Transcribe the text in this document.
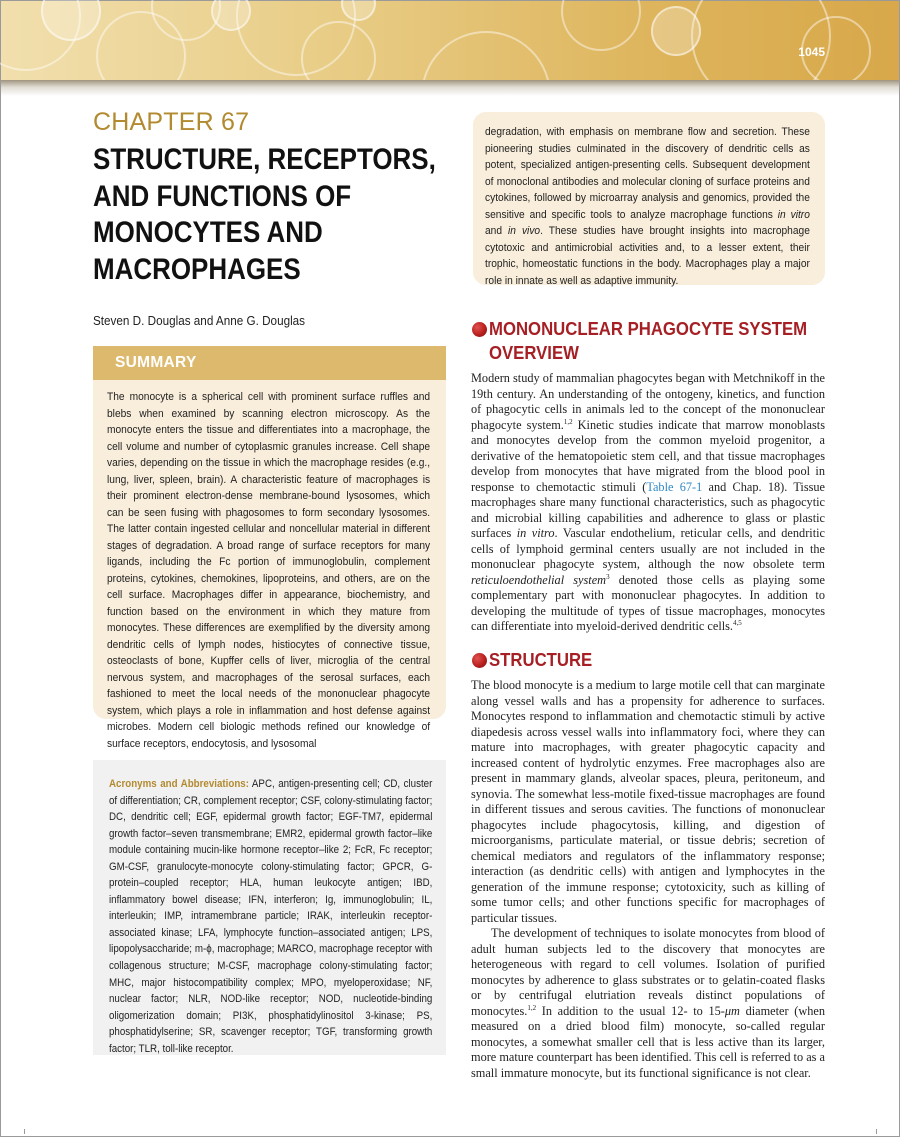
1045
CHAPTER 67
STRUCTURE, RECEPTORS,
AND FUNCTIONS OF
MONOCYTES AND
MACROPHAGES
Steven D. Douglas and Anne G. Douglas
SUMMARY
The monocyte is a spherical cell with prominent surface ruffles and blebs when examined by scanning electron microscopy. As the monocyte enters the tissue and differentiates into a macrophage, the cell volume and number of cytoplasmic granules increase. Cell shape varies, depending on the tissue in which the macrophage resides (e.g., lung, liver, spleen, brain). A characteristic feature of macrophages is their prominent electron-dense membrane-bound lysosomes, which can be seen fusing with phagosomes to form secondary lysosomes. The latter contain ingested cellular and noncellular material in different stages of degradation. A broad range of surface receptors for many ligands, including the Fc portion of immunoglobulin, complement proteins, cytokines, chemokines, lipoproteins, and others, are on the cell surface. Macrophages differ in appearance, biochemistry, and function based on the environment in which they mature from monocytes. These differences are exemplified by the diversity among dendritic cells of lymph nodes, histiocytes of connective tissue, osteoclasts of bone, Kupffer cells of liver, microglia of the central nervous system, and macrophages of the serosal surfaces, each fashioned to meet the local needs of the mononuclear phagocyte system, which plays a role in inflammation and host defense against microbes. Modern cell biologic methods refined our knowledge of surface receptors, endocytosis, and lysosomal
Acronyms and Abbreviations: APC, antigen-presenting cell; CD, cluster of differentiation; CR, complement receptor; CSF, colony-stimulating factor; DC, dendritic cell; EGF, epidermal growth factor; EGF-TM7, epidermal growth factor–seven transmembrane; EMR2, epidermal growth factor–like module containing mucin-like hormone receptor–like 2; FcR, Fc receptor; GM-CSF, granulocyte-monocyte colony-stimulating factor; GPCR, G-protein–coupled receptor; HLA, human leukocyte antigen; IBD, inflammatory bowel disease; IFN, interferon; Ig, immunoglobulin; IL, interleukin; IMP, intramembrane particle; IRAK, interleukin receptor-associated kinase; LFA, lymphocyte function–associated antigen; LPS, lipopolysaccharide; m-ϕ, macrophage; MARCO, macrophage receptor with collagenous structure; M-CSF, macrophage colony-stimulating factor; MHC, major histocompatibility complex; MPO, myeloperoxidase; NF, nuclear factor; NLR, NOD-like receptor; NOD, nucleotide-binding oligomerization domain; PI3K, phosphatidylinositol 3-kinase; PS, phosphatidylserine; SR, scavenger receptor; TGF, transforming growth factor; TLR, toll-like receptor.
degradation, with emphasis on membrane flow and secretion. These pioneering studies culminated in the discovery of dendritic cells as potent, specialized antigen-presenting cells. Subsequent development of monoclonal antibodies and molecular cloning of surface proteins and cytokines, followed by microarray analysis and genomics, provided the sensitive and specific tools to analyze macrophage functions in vitro and in vivo. These studies have brought insights into macrophage cytotoxic and antimicrobial activities and, to a lesser extent, their trophic, homeostatic functions in the body. Macrophages play a major role in innate as well as adaptive immunity.
MONONUCLEAR PHAGOCYTE SYSTEM
OVERVIEW

Modern study of mammalian phagocytes began with Metchnikoff in the 19th century. An understanding of the ontogeny, kinetics, and function of phagocytic cells in animals led to the concept of the mononuclear phagocyte system.$^{1,2}$ Kinetic studies indicate that marrow monoblasts and monocytes develop from the common myeloid progenitor, a derivative of the hematopoietic stem cell, and that tissue macrophages develop from monocytes that have migrated from the blood pool in response to chemotactic stimuli (Table 67-1 and Chap. 18). Tissue macrophages share many functional characteristics, such as phagocytic and microbial killing capabilities and adherence to glass or plastic surfaces in vitro. Vascular endothelium, reticular cells, and dendritic cells of lymphoid germinal centers usually are not included in the mononuclear phagocyte system, although the now obsolete term reticuloendothelial system$^3$ denoted those cells as playing some complementary part with mononuclear phagocytes. In addition to developing the multitude of types of tissue macrophages, monocytes can differentiate into myeloid-derived dendritic cells.$^{4,5}$

STRUCTURE

The blood monocyte is a medium to large motile cell that can marginate along vessel walls and has a propensity for adherence to surfaces. Monocytes respond to inflammation and chemotactic stimuli by active diapedesis across vessel walls into inflammatory foci, where they can mature into macrophages, with greater phagocytic capacity and increased content of hydrolytic enzymes. Free macrophages also are present in mammary glands, alveolar spaces, pleura, peritoneum, and synovia. The somewhat less-motile fixed-tissue macrophages are found in different tissues and serous cavities. The functions of mononuclear phagocytes include phagocytosis, killing, and digestion of microorganisms, particulate material, or tissue debris; secretion of chemical mediators and regulators of the inflammatory response; interaction (as dendritic cells) with antigen and lymphocytes in the generation of the immune response; cytotoxicity, such as killing of some tumor cells; and other functions specific for macrophages of particular tissues.

The development of techniques to isolate monocytes from blood of adult human subjects led to the discovery that monocytes are heterogeneous with regard to cell volumes. Isolation of purified monocytes by adherence to glass substrates or to gelatin-coated flasks or by centrifugal elutriation reveals distinct populations of monocytes.$^{1,2}$ In addition to the usual 12- to 15-μm diameter (when measured on a dried blood film) monocyte, so-called regular monocytes, a somewhat smaller cell that is less active than its larger, more mature counterpart has been identified. This cell is referred to as a small immature monocyte, but its functional significance is not clear.
